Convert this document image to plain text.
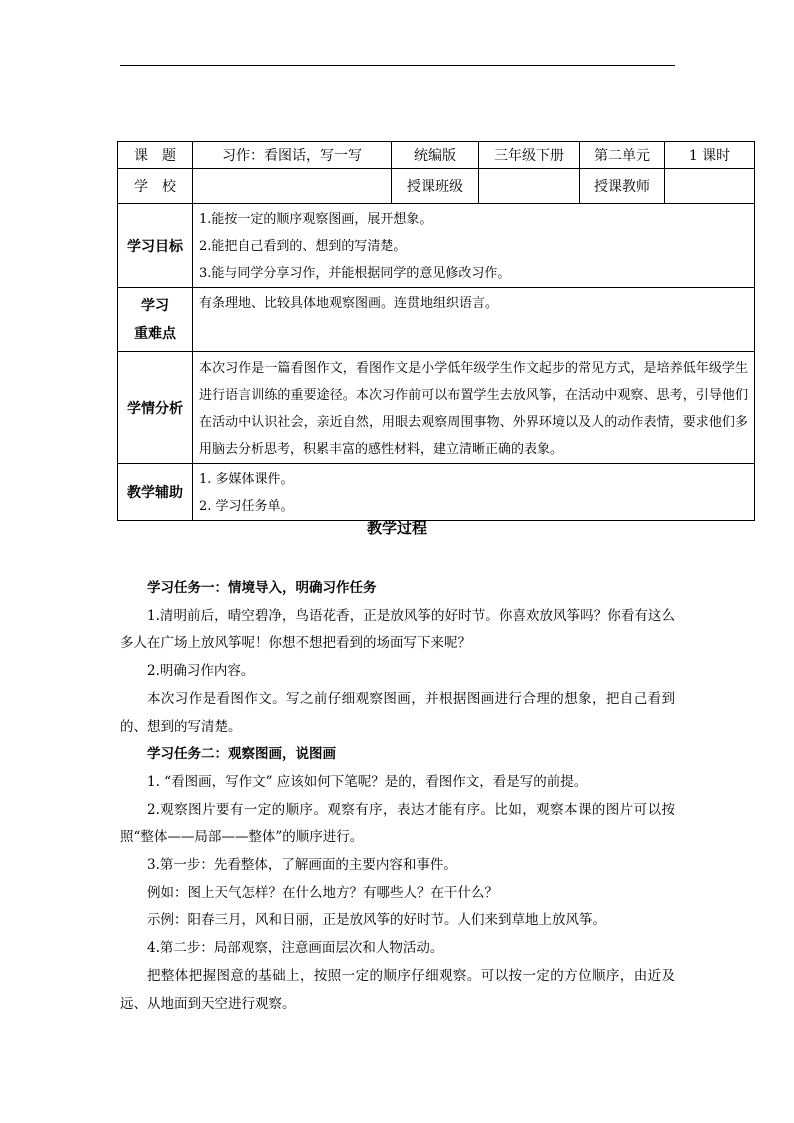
课　题	习作：看图话，写一写	统编版	三年级下册	第二单元	1 课时
学　校		授课班级		授课教师	
学习目标	1.能按一定的顺序观察图画，展开想象。
2.能把自己看到的、想到的写清楚。
3.能与同学分享习作，并能根据同学的意见修改习作。				

学习
重难点	有条理地、比较具体地观察图画。连贯地组织语言。				

学情分析	本次习作是一篇看图作文，看图作文是小学低年级学生作文起步的常见方式，是培养低年级学生进行语言训练的重要途径。本次习作前可以布置学生去放风筝，在活动中观察、思考，引导他们在活动中认识社会，亲近自然，用眼去观察周围事物、外界环境以及人的动作表情，要求他们多用脑去分析思考，积累丰富的感性材料，建立清晰正确的表象。				

教学辅助	1. 多媒体课件。
2. 学习任务单。				
教学过程

学习任务一：情境导入，明确习作任务

1.清明前后，晴空碧净，鸟语花香，正是放风筝的好时节。你喜欢放风筝吗？你看有这么多人在广场上放风筝呢！你想不想把看到的场面写下来呢？

2.明确习作内容。

本次习作是看图作文。写之前仔细观察图画，并根据图画进行合理的想象，把自己看到的、想到的写清楚。

学习任务二：观察图画，说图画

1. “看图画，写作文” 应该如何下笔呢？是的，看图作文，看是写的前提。

2.观察图片要有一定的顺序。观察有序，表达才能有序。比如，观察本课的图片可以按照“整体——局部——整体”的顺序进行。

3.第一步：先看整体，了解画面的主要内容和事件。

例如：图上天气怎样？在什么地方？有哪些人？在干什么？

示例：阳春三月，风和日丽，正是放风筝的好时节。人们来到草地上放风筝。

4.第二步：局部观察，注意画面层次和人物活动。

把整体把握图意的基础上，按照一定的顺序仔细观察。可以按一定的方位顺序，由近及远、从地面到天空进行观察。
